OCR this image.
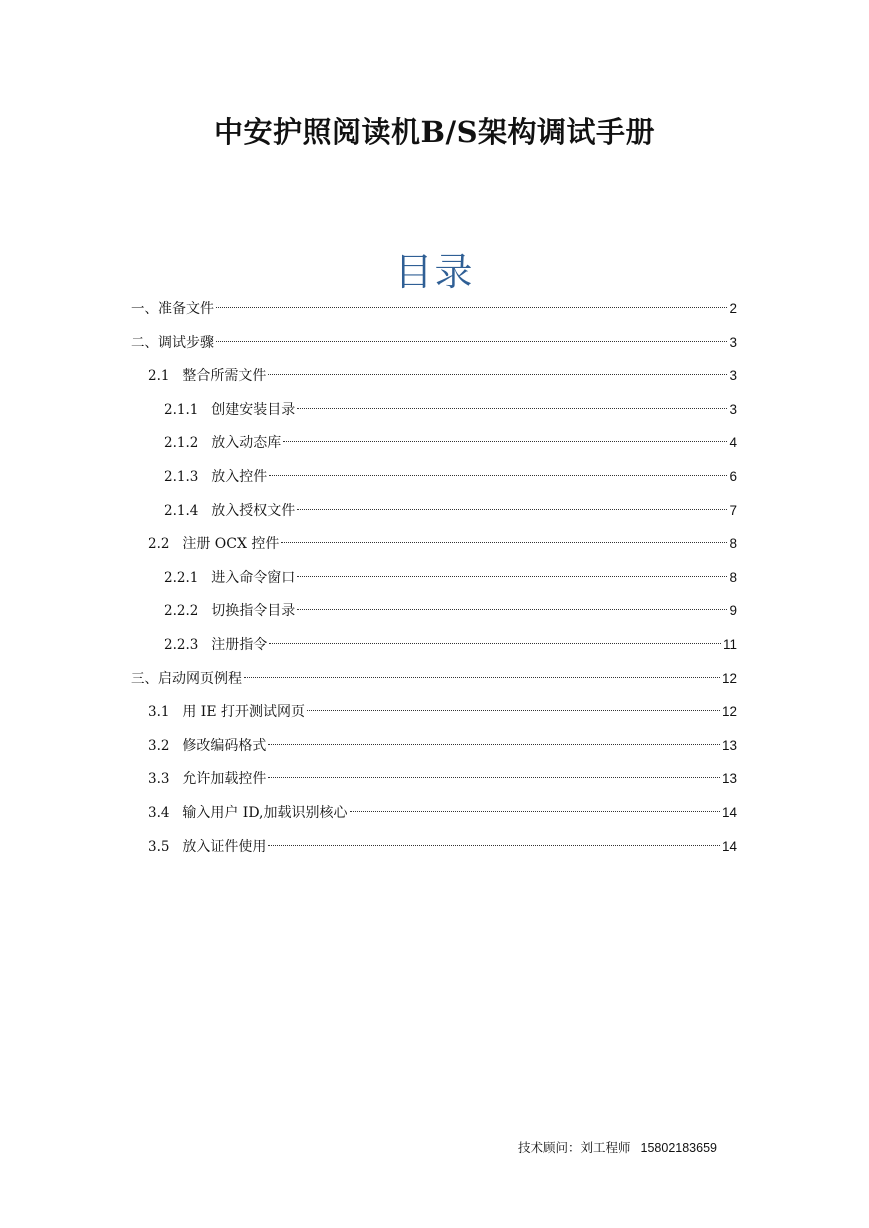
中安护照阅读机B/S架构调试手册
目录
一、 准备文件	2
二、 调试步骤	3
2.1 整合所需文件	3
2.1.1 创建安装目录	3
2.1.2 放入动态库	4
2.1.3 放入控件	6
2.1.4 放入授权文件	7
2.2 注册 OCX 控件	8
2.2.1 进入命令窗口	8
2.2.2 切换指令目录	9
2.2.3 注册指令	11
三、 启动网页例程	12
3.1 用 IE 打开测试网页	12
3.2 修改编码格式	13
3.3 允许加载控件	13
3.4 输入用户 ID,加载识别核心	14
3.5 放入证件使用	14
技术顾问：刘工程师 15802183659
